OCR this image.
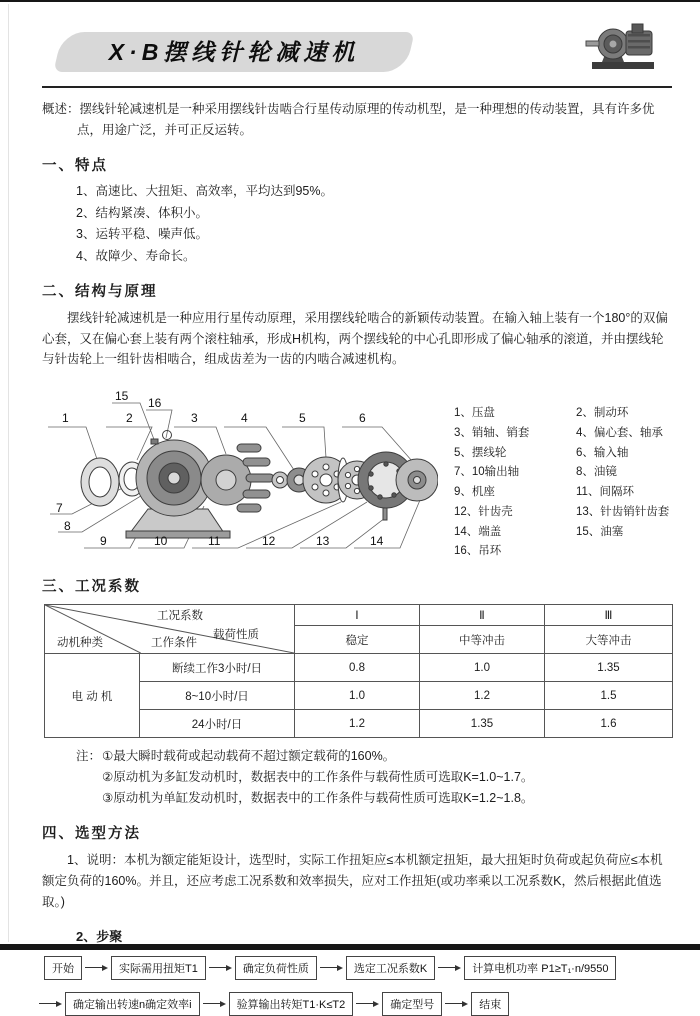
X·B摆线针轮减速机

概述：摆线针轮减速机是一种采用摆线针齿啮合行星传动原理的传动机型，是一种理想的传动装置，具有许多优点，用途广泛，并可正反运转。

一、特点
1、高速比、大扭矩、高效率，平均达到95%。
2、结构紧凑、体积小。
3、运转平稳、噪声低。
4、故障少、寿命长。
二、结构与原理

摆线针轮减速机是一种应用行星传动原理，采用摆线轮啮合的新颖传动装置。在输入轴上装有一个180°的双偏心套，又在偏心套上装有两个滚柱轴承，形成H机构，两个摆线轮的中心孔即形成了偏心轴承的滚道，并由摆线轮与针齿轮上一组针齿相啮合，组成齿差为一齿的内啮合减速机构。

1	2	3	4	5	6
7
8
9	10	11	12	13	14
15 16
1、压盘	2、制动环
3、销轴、销套	4、偏心套、轴承
5、摆线轮	6、输入轴
7、10输出轴	8、油镜
9、机座	11、间隔环
12、针齿壳	13、针齿销针齿套
14、端盖	15、油塞
16、吊环
三、工况系数
工况系数
载荷性质
动机种类 工作条件		Ⅰ	Ⅱ	Ⅲ
		稳定	中等冲击	大等冲击
电 动 机	断续工作3小时/日	0.8	1.0	1.35
	8~10小时/日	1.0	1.2	1.5
	24小时/日	1.2	1.35	1.6
注： ①最大瞬时载荷或起动载荷不超过额定载荷的160%。
②原动机为多缸发动机时，数据表中的工作条件与载荷性质可选取K=1.0~1.7。
③原动机为单缸发动机时，数据表中的工作条件与载荷性质可选取K=1.2~1.8。
四、选型方法

1、说明：本机为额定能矩设计，选型时，实际工作扭矩应≤本机额定扭矩，最大扭矩时负荷或起负荷应≤本机额定负荷的160%。并且，还应考虑工况系数和效率损失，应对工作扭矩(或功率乘以工况系数K，然后根据此值选取。)

2、步聚
开始	实际需用扭矩T1	确定负荷性质	选定工况系数K	计算电机功率 P1≥T₁·n/9550
确定输出转速n确定效率i	验算输出转矩T1·K≤T2	确定型号	结束
